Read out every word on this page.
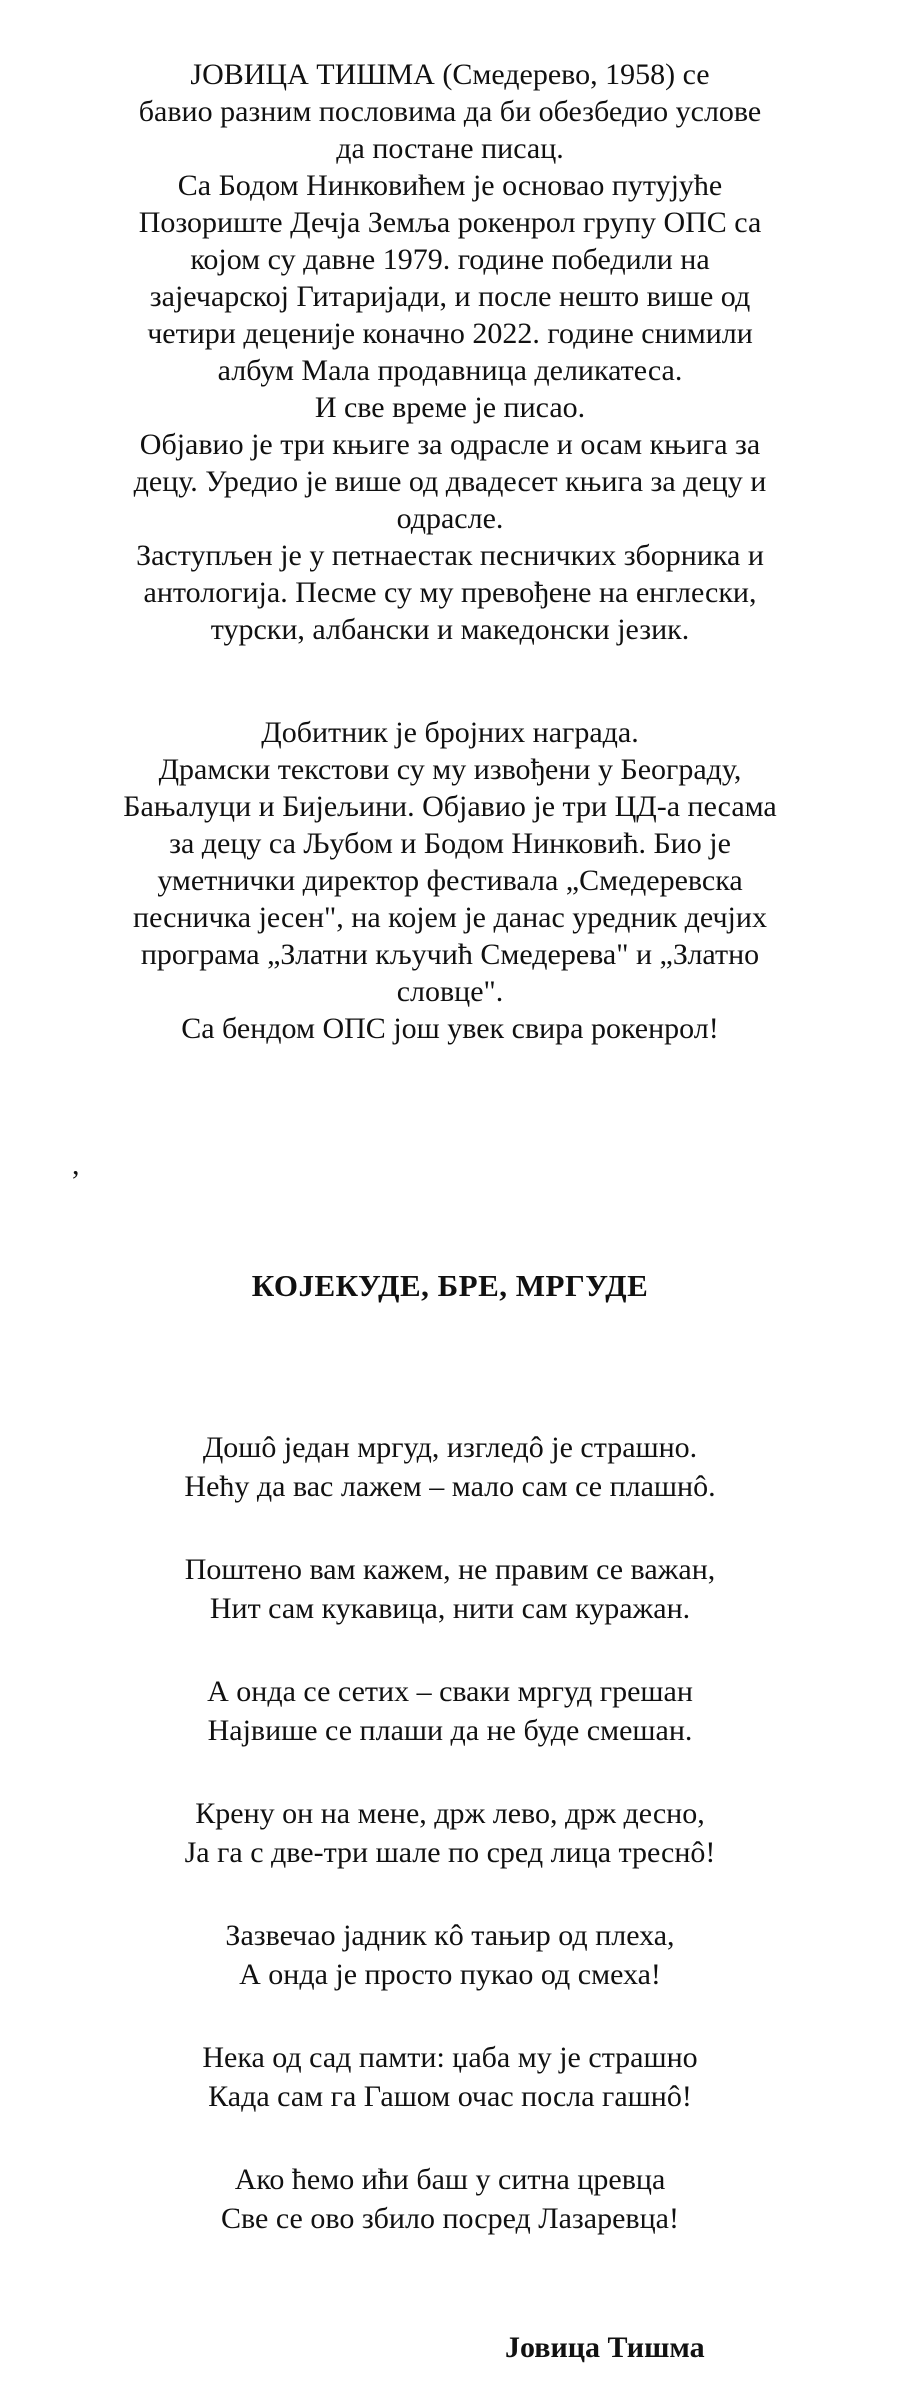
ЈОВИЦА ТИШМА (Смедерево, 1958) се
бавио разним пословима да би обезбедио услове
да постане писац.
Са Бодом Нинковићем је основао путујуће
Позориште Дечја Земља рокенрол групу ОПС са
којом су давне 1979. године победили на
зајечарској Гитаријади, и после нешто више од
четири деценије коначно 2022. године снимили
албум Мала продавница деликатеса.
И све време је писао.
Објавио је три књиге за одрасле и осам књига за
децу. Уредио је више од двадесет књига за децу и
одрасле.
Заступљен је у петнаестак песничких зборника и
антологија. Песме су му превођене на енглески,
турски, албански и македонски језик.

Добитник је бројних награда.
Драмски текстови су му извођени у Београду,
Бањалуци и Бијељини. Објавио је три ЦД-а песама
за децу са Љубом и Бодом Нинковић. Био је
уметнички директор фестивала „Смедеревска
песничка јесен", на којем је данас уредник дечјих
програма „Златни кључић Смедерева" и „Златно
словце".
Са бендом ОПС још увек свира рокенрол!

,
КОЈЕКУДЕ, БРЕ, МРГУДЕ
Дошô један мргуд, изгледô је страшно.
Нећу да вас лажем – мало сам се плашнô.
Поштено вам кажем, не правим се важан,
Нит сам кукавица, нити сам куражан.
А онда се сетих – сваки мргуд грешан
Највише се плаши да не буде смешан.
Крену он на мене, држ лево, држ десно,
Ја га с две-три шале по сред лица треснô!
Зазвечао јадник кô тањир од плеха,
А онда је просто пукао од смеха!
Нека од сад памти: џаба му је страшно
Када сам га Гашом очас посла гашнô!
Ако ћемо ићи баш у ситна цревца
Све се ово збило посред Лазаревца!
Јовица Тишма
